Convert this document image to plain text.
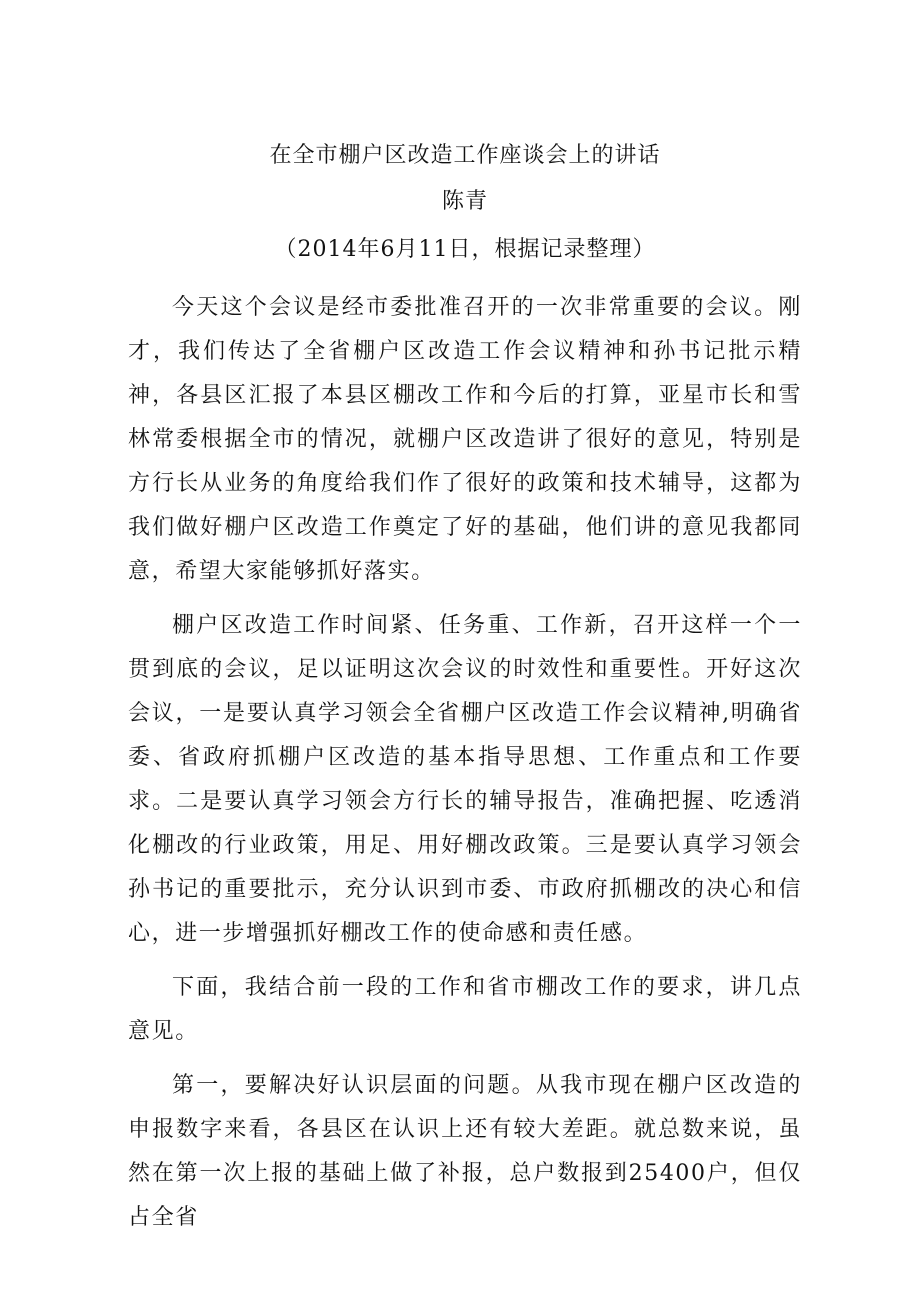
在全市棚户区改造工作座谈会上的讲话
陈青
（2014年6月11日，根据记录整理）

今天这个会议是经市委批准召开的一次非常重要的会议。刚才，我们传达了全省棚户区改造工作会议精神和孙书记批示精神，各县区汇报了本县区棚改工作和今后的打算，亚星市长和雪林常委根据全市的情况，就棚户区改造讲了很好的意见，特别是方行长从业务的角度给我们作了很好的政策和技术辅导，这都为我们做好棚户区改造工作奠定了好的基础，他们讲的意见我都同意，希望大家能够抓好落实。

棚户区改造工作时间紧、任务重、工作新，召开这样一个一贯到底的会议，足以证明这次会议的时效性和重要性。开好这次会议，一是要认真学习领会全省棚户区改造工作会议精神,明确省委、省政府抓棚户区改造的基本指导思想、工作重点和工作要求。二是要认真学习领会方行长的辅导报告，准确把握、吃透消化棚改的行业政策，用足、用好棚改政策。三是要认真学习领会孙书记的重要批示，充分认识到市委、市政府抓棚改的决心和信心，进一步增强抓好棚改工作的使命感和责任感。

下面，我结合前一段的工作和省市棚改工作的要求，讲几点意见。

第一，要解决好认识层面的问题。从我市现在棚户区改造的申报数字来看，各县区在认识上还有较大差距。就总数来说，虽然在第一次上报的基础上做了补报，总户数报到25400户，但仅占全省
